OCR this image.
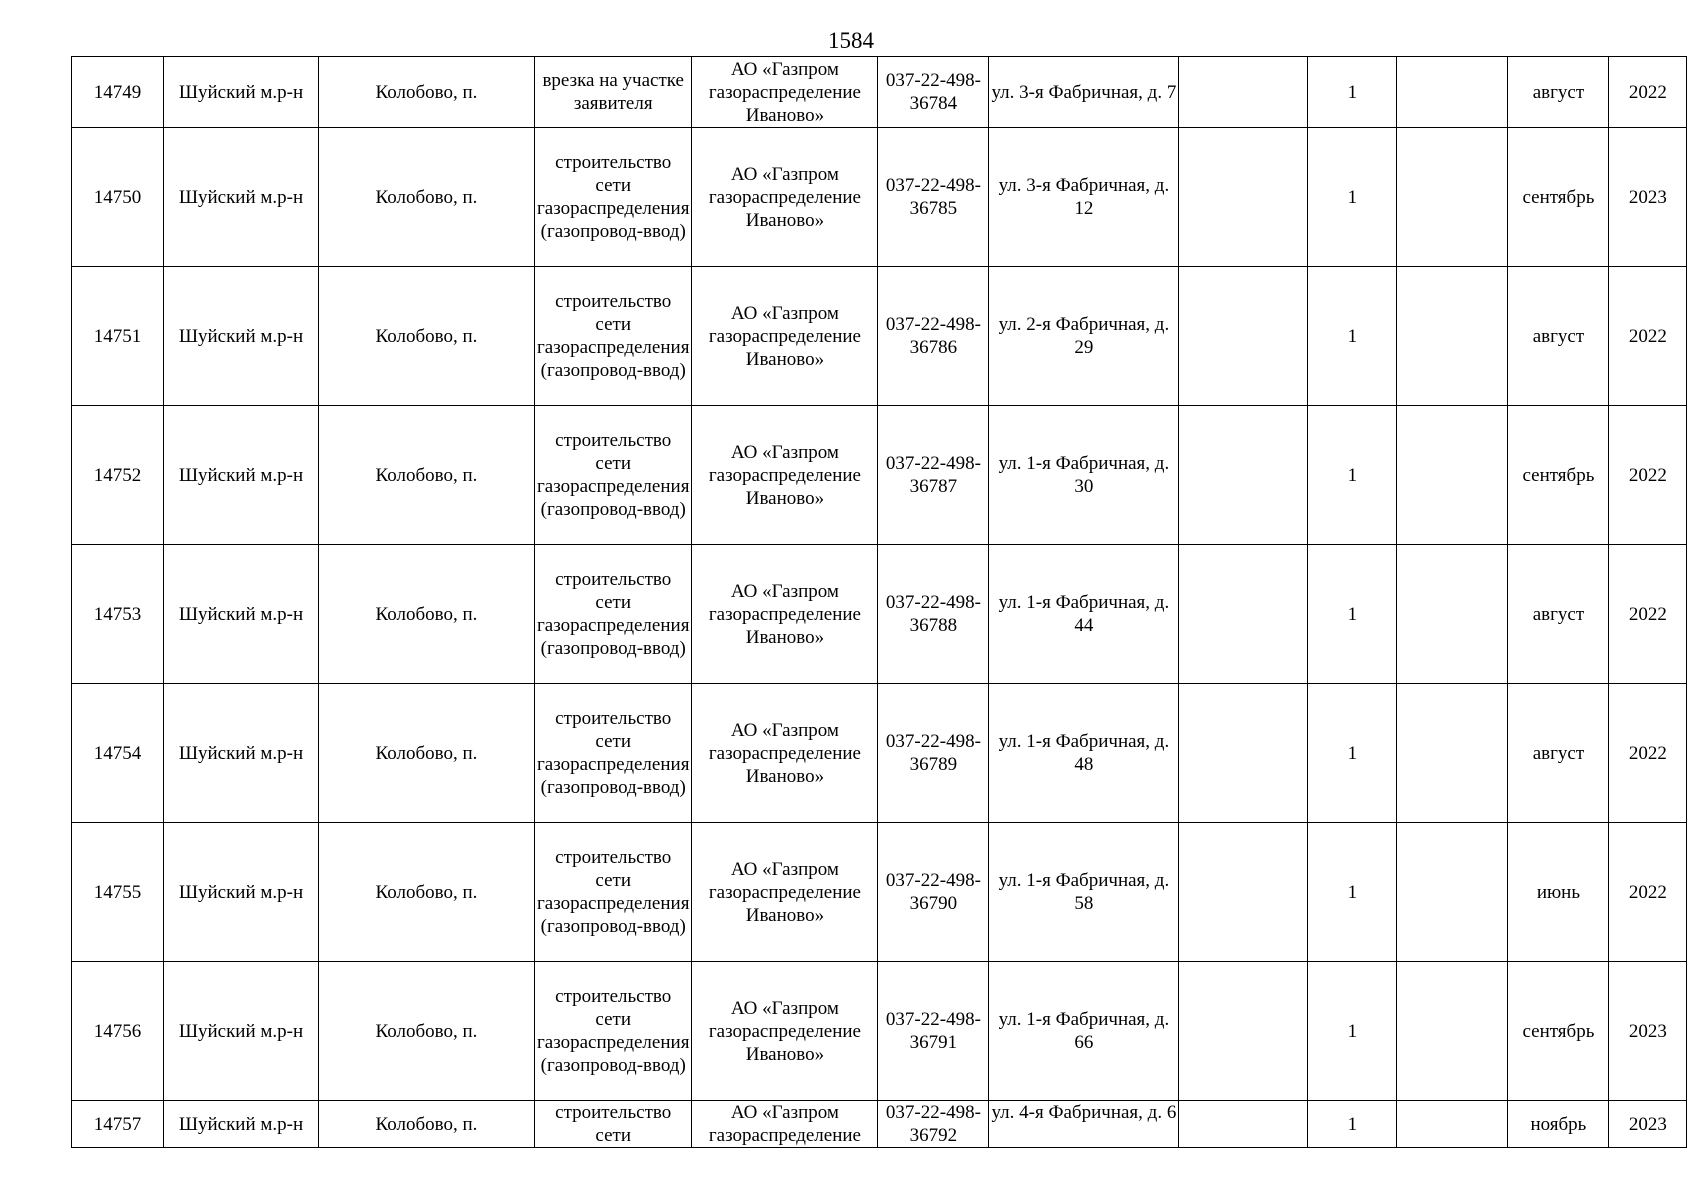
1584
14749	Шуйский м.р-н	Колобово, п.	врезка на участке заявителя	АО «Газпром газораспределение Иваново»	037-22-498-36784	ул. 3-я Фабричная, д. 7		1		август	2022
14750	Шуйский м.р-н	Колобово, п.	строительство сети газораспределения (газопровод-ввод)	АО «Газпром газораспределение Иваново»	037-22-498-36785	ул. 3-я Фабричная, д. 12		1		сентябрь	2023
14751	Шуйский м.р-н	Колобово, п.	строительство сети газораспределения (газопровод-ввод)	АО «Газпром газораспределение Иваново»	037-22-498-36786	ул. 2-я Фабричная, д. 29		1		август	2022
14752	Шуйский м.р-н	Колобово, п.	строительство сети газораспределения (газопровод-ввод)	АО «Газпром газораспределение Иваново»	037-22-498-36787	ул. 1-я Фабричная, д. 30		1		сентябрь	2022
14753	Шуйский м.р-н	Колобово, п.	строительство сети газораспределения (газопровод-ввод)	АО «Газпром газораспределение Иваново»	037-22-498-36788	ул. 1-я Фабричная, д. 44		1		август	2022
14754	Шуйский м.р-н	Колобово, п.	строительство сети газораспределения (газопровод-ввод)	АО «Газпром газораспределение Иваново»	037-22-498-36789	ул. 1-я Фабричная, д. 48		1		август	2022
14755	Шуйский м.р-н	Колобово, п.	строительство сети газораспределения (газопровод-ввод)	АО «Газпром газораспределение Иваново»	037-22-498-36790	ул. 1-я Фабричная, д. 58		1		июнь	2022
14756	Шуйский м.р-н	Колобово, п.	строительство сети газораспределения (газопровод-ввод)	АО «Газпром газораспределение Иваново»	037-22-498-36791	ул. 1-я Фабричная, д. 66		1		сентябрь	2023
14757	Шуйский м.р-н	Колобово, п.	строительство сети	АО «Газпром газораспределение	037-22-498-36792	ул. 4-я Фабричная, д. 6		1		ноябрь	2023
